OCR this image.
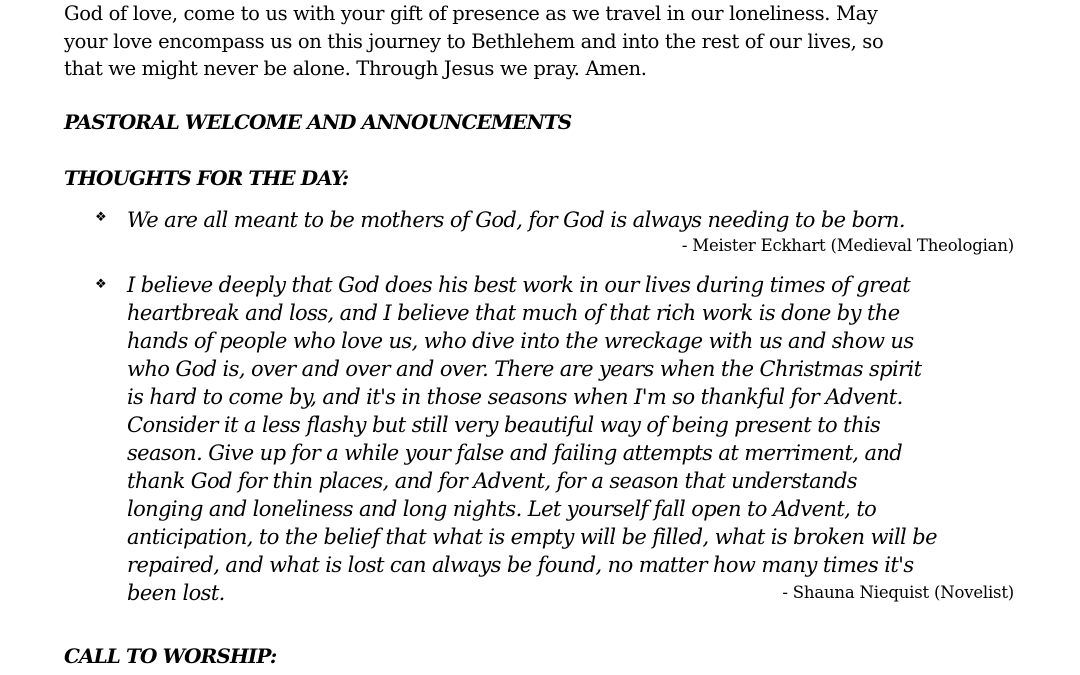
God of love, come to us with your gift of presence as we travel in our loneliness. May
your love encompass us on this journey to Bethlehem and into the rest of our lives, so
that we might never be alone. Through Jesus we pray. Amen.
PASTORAL WELCOME AND ANNOUNCEMENTS
THOUGHTS FOR THE DAY:
❖ We are all meant to be mothers of God, for God is always needing to be born.
- Meister Eckhart (Medieval Theologian)
❖ I believe deeply that God does his best work in our lives during times of great
heartbreak and loss, and I believe that much of that rich work is done by the
hands of people who love us, who dive into the wreckage with us and show us
who God is, over and over and over. There are years when the Christmas spirit
is hard to come by, and it's in those seasons when I'm so thankful for Advent.
Consider it a less flashy but still very beautiful way of being present to this
season. Give up for a while your false and failing attempts at merriment, and
thank God for thin places, and for Advent, for a season that understands
longing and loneliness and long nights. Let yourself fall open to Advent, to
anticipation, to the belief that what is empty will be filled, what is broken will be
repaired, and what is lost can always be found, no matter how many times it's
been lost.	- Shauna Niequist (Novelist)
CALL TO WORSHIP:
